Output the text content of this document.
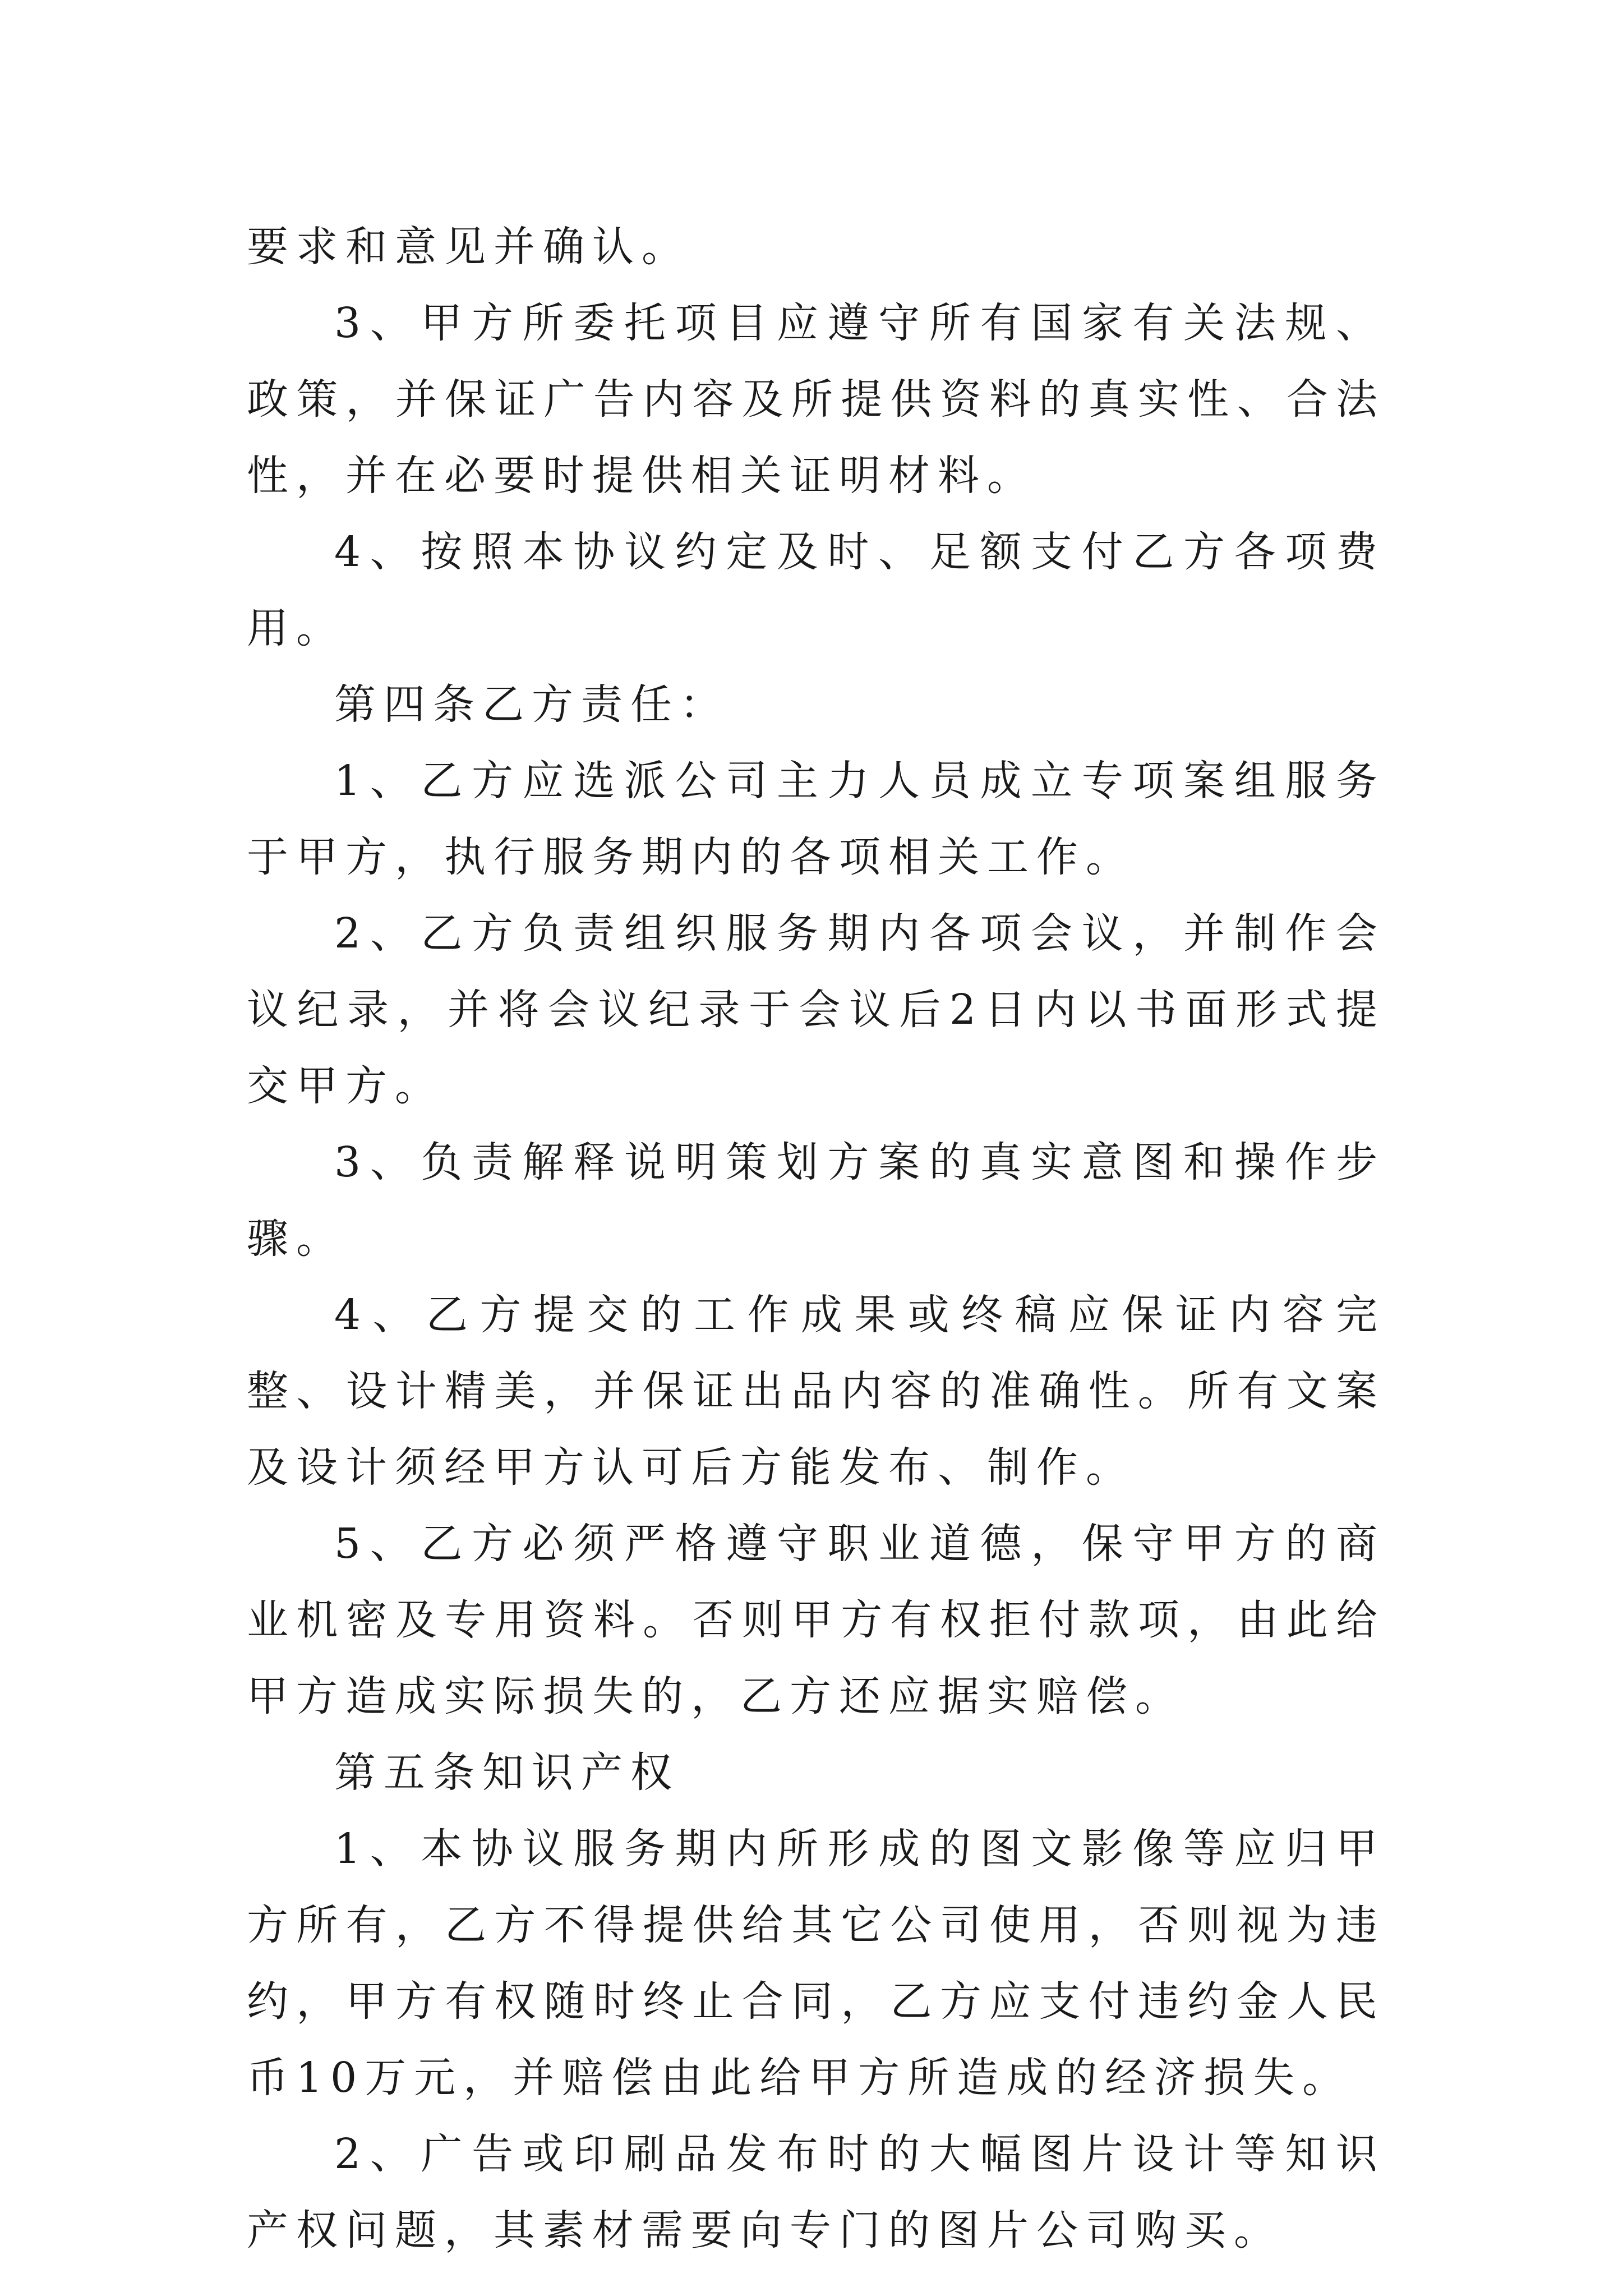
要求和意见并确认。

3、甲方所委托项目应遵守所有国家有关法规、政策，并保证广告内容及所提供资料的真实性、合法性，并在必要时提供相关证明材料。

4、按照本协议约定及时、足额支付乙方各项费用。

第四条乙方责任：

1、乙方应选派公司主力人员成立专项案组服务于甲方，执行服务期内的各项相关工作。

2、乙方负责组织服务期内各项会议，并制作会议纪录，并将会议纪录于会议后2日内以书面形式提交甲方。

3、负责解释说明策划方案的真实意图和操作步骤。

4、乙方提交的工作成果或终稿应保证内容完整、设计精美，并保证出品内容的准确性。所有文案及设计须经甲方认可后方能发布、制作。

5、乙方必须严格遵守职业道德，保守甲方的商业机密及专用资料。否则甲方有权拒付款项，由此给甲方造成实际损失的，乙方还应据实赔偿。

第五条知识产权

1、本协议服务期内所形成的图文影像等应归甲方所有，乙方不得提供给其它公司使用，否则视为违约，甲方有权随时终止合同，乙方应支付违约金人民币10万元，并赔偿由此给甲方所造成的经济损失。

2、广告或印刷品发布时的大幅图片设计等知识产权问题，其素材需要向专门的图片公司购买。
